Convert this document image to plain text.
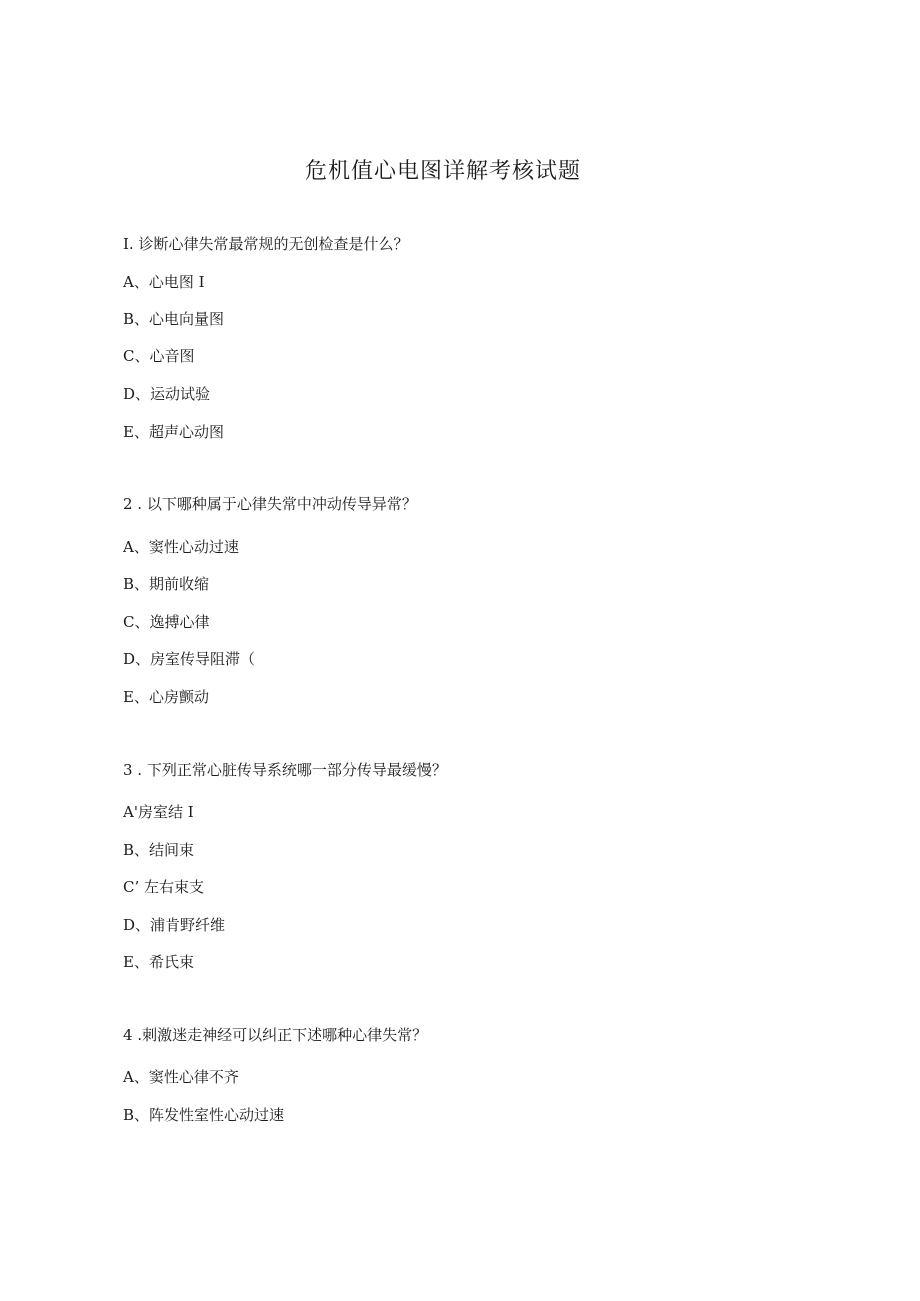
危机值心电图详解考核试题
I. 诊断心律失常最常规的无创检查是什么？
A、心电图 I
B、心电向量图
C、心音图
D、运动试验
E、超声心动图
2 . 以下哪种属于心律失常中冲动传导异常？
A、窦性心动过速
B、期前收缩
C、逸搏心律
D、房室传导阻滞（
E、心房颤动
3 . 下列正常心脏传导系统哪一部分传导最缓慢？
A'房室结 I
B、结间束
C’ 左右束支
D、浦肯野纤维
E、希氏束
4 .刺激迷走神经可以纠正下述哪种心律失常？
A、窦性心律不齐
B、阵发性室性心动过速
